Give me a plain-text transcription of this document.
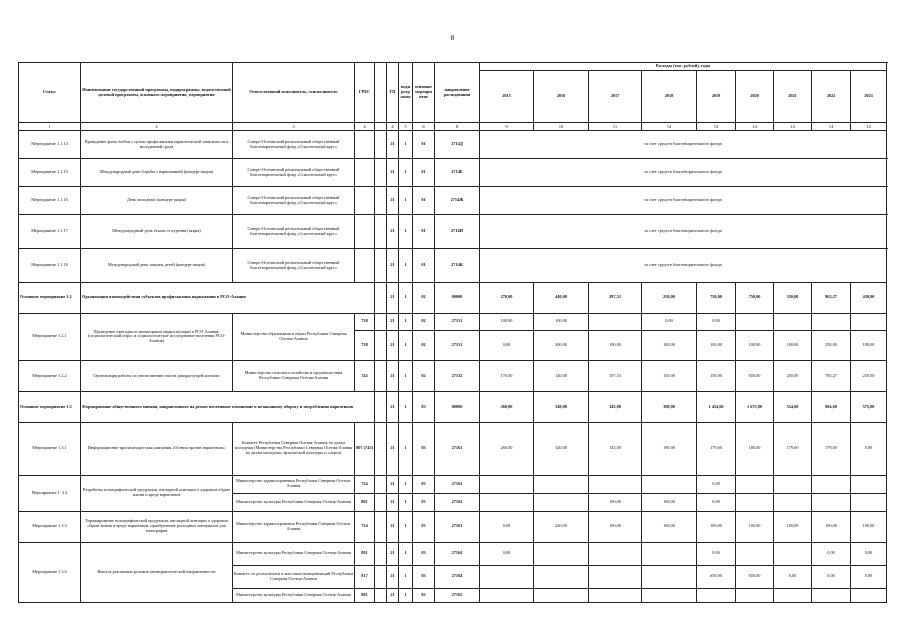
8
Статус	Наименование государственной программы, подпрограммы, ведомственной целевой программы, основного мероприятия, мероприятия	Ответственный исполнитель, соисполнитель	ГРБС		ГП	подпрограмма	основное мероприятие	направление расходования	Расходы (тыс. рублей), годы									
									2015	2016	2017	2018	2019	2020	2021	2022	2023	
1	2	3	4		4	5	6	8	9	10	11	12	13	14	14	14	14	
Мероприятие 1.1.14	Проведение флеш-мобов с целью профилактики наркотической зависимости в молодежной среде	Северо-Осетинский региональный общественный благотворительный фонд «Спасательный круг»			21	1	01	2714Д	за счет средств благотворительного фонда									
Мероприятие 1.1.15	Международный день борьбы с наркоманией (концерт-акция)	Северо-Осетинский региональный общественный благотворительный фонд «Спасательный круг»			21	1	01	2714Е	за счет средств благотворительного фонда									
Мероприятие 1.1.16	День молодежи (концерт-акция)	Северо-Осетинский региональный общественный благотворительный фонд «Спасательный круг»			21	1	01	2714Ж	за счет средств благотворительного фонда									
Мероприятие 1.1.17	Международный день отказа от курения (акция)	Северо-Осетинский региональный общественный благотворительный фонд «Спасательный круг»			21	1	01	2714И	за счет средств благотворительного фонда									
Мероприятие 1.1.18	Международный день защиты детей (концерт-акция)	Северо-Осетинский региональный общественный благотворительный фонд «Спасательный круг»			21	1	01	2714К	за счет средств благотворительного фонда									
Основное мероприятие 1.2	Организация взаимодействия субъектов профилактики наркомании в РСО-Алания				21	1	02	00000	270,00	440,00	297,53	250,00	750,00	750,00	350,00	963,27	430,00	
Мероприятие 1.2.1	Проведение ежегодного мониторинга наркоситуации в РСО-Алания, (социологический опрос и социологическое исследование населения РСО-Алания)	Министерство образования и науки Республики Северная Осетия-Алания	738		21	1	02	27151	100,00	100,00		0,00	0,00					
			738		21	1	02	27151	0,00	200,00	190,00	100,00	100,00	100,00	100,00	250,00	180,00	
Мероприятие 1.2.2	Организация работы по уничтожению очагов дикорастущей конопли	Министерство сельского хозяйства и продовольствия Республики Северная Осетия-Алания	743		21	1	02	27152	170,00	140,00	107,53	150,00	150,00	650,00	250,00	783,27	250,00	
Основное мероприятие 1.3	Формирование общественного мнения, направленного на резкое негативное отношение к незаконному обороту и потреблению наркотиков				21	1	03	00000	260,00	540,00	345,00	390,00	1 454,60	1 675,00	554,60	904,60	575,00	
Мероприятие 1.3.1	Информационно-пропагандистская кампания «Оствия против наркотиков»	Комитет Республики Северная Осетия-Алания по делам молодежи (Министерство Республики Северная Осетия-Алания по делам молодежи, физической культуры и спорта)	807 (745)		21	1	03	27161	260,00	320,00	145,00	190,00	179,60	180,00	179,60	179,60	0,00	
Мероприятие 1. 3.2	Разработка полиграфической продукции, наглядной агитации о здоровом образе жизни и вреде наркотиков	Министерство здравоохранения Республики Северная Осетия-Алания	734		21	1	03	27162					0,00					
		Министерство культуры Республики Северная Осетия-Алания	801		21	1	03	27162			100,00	100,00	0,00					
Мероприятие 1.3.3	Тиражирование полиграфической продукции, наглядной агитации о здоровом образе жизни и вреде наркотиков, приобретение расходных материалов для типографии	Министерство здравоохранения Республики Северная Осетия-Алания	734		21	1	03	27163	0,00	220,00	100,00	100,00	100,00	100,00	100,00	100,00	100,00	
Мероприятие 1.3.4	Выпуск рекламных роликов антинаркотической направленности	Министерство культуры Республики Северная Осетия-Алания	801		21	1	03	27164	0,00				0,00			0,00	0,00	
		Комитет по делам печати и массовых коммуникаций Республики Северная Осетия-Алания	817		21	1	03	27164					650,00	650,00	0,00	0,00	0,00	
		Министерство культуры Республики Северная Осетия-Алания	801		21	1	03	27165										
